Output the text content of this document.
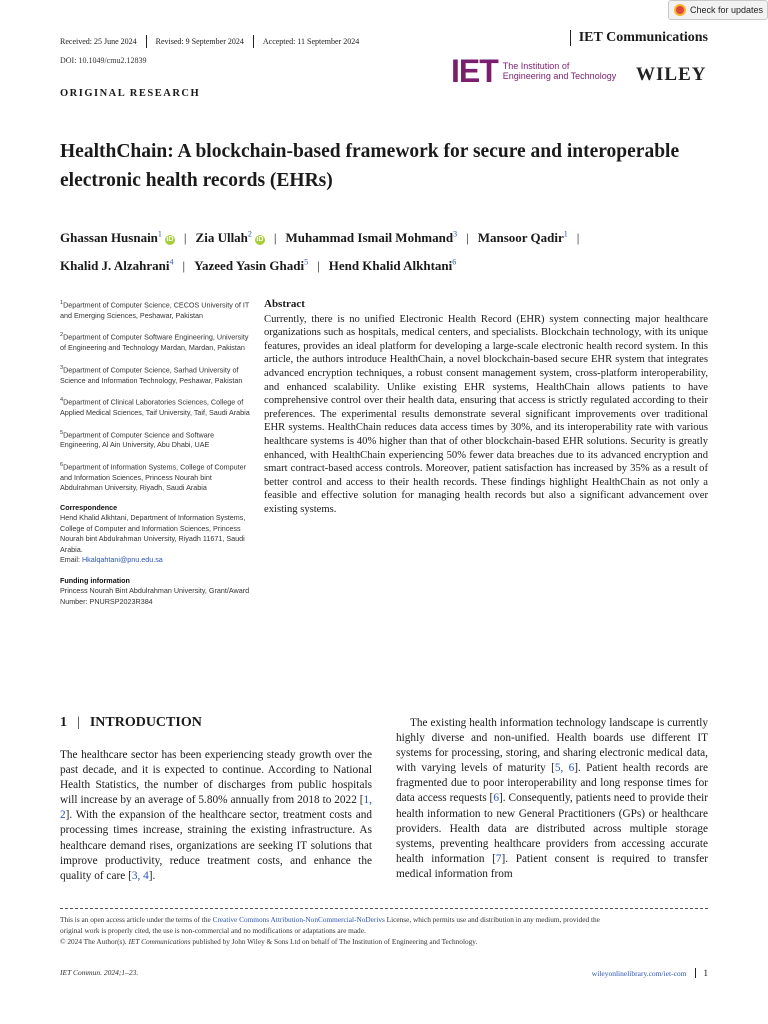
Check for updates
Received: 25 June 2024	Revised: 9 September 2024	Accepted: 11 September 2024	IET Communications
DOI: 10.1049/cmu2.12839	IET The Institution of
Engineering and Technology WILEY
ORIGINAL RESEARCH
HealthChain: A blockchain-based framework for secure and interoperable electronic health records (EHRs)
Ghassan Husnain$^1$iD | Zia Ullah$^2$iD | Muhammad Ismail Mohmand$^3$ | Mansoor Qadir$^1$ |
Khalid J. Alzahrani$^4$ | Yazeed Yasin Ghadi$^5$ | Hend Khalid Alkhtani$^6$
$^1$Department of Computer Science, CECOS University of IT and Emerging Sciences, Peshawar, Pakistan
$^2$Department of Computer Software Engineering, University of Engineering and Technology Mardan, Mardan, Pakistan
$^3$Department of Computer Science, Sarhad University of Science and Information Technology, Peshawar, Pakistan
$^4$Department of Clinical Laboratories Sciences, College of Applied Medical Sciences, Taif University, Taif, Saudi Arabia
$^5$Department of Computer Science and Software Engineering, Al Ain University, Abu Dhabi, UAE
$^6$Department of Information Systems, College of Computer and Information Sciences, Princess Nourah bint Abdulrahman University, Riyadh, Saudi Arabia
Correspondence
Hend Khalid Alkhtani, Department of Information Systems, College of Computer and Information Sciences, Princess Nourah bint Abdulrahman University, Riyadh 11671, Saudi Arabia.
Email: Hkalqahtani@pnu.edu.sa
Funding information
Princess Nourah Bint Abdulrahman University, Grant/Award Number: PNURSP2023R384
Abstract

Currently, there is no unified Electronic Health Record (EHR) system connecting major healthcare organizations such as hospitals, medical centers, and specialists. Blockchain technology, with its unique features, provides an ideal platform for developing a large-scale electronic health record system. In this article, the authors introduce HealthChain, a novel blockchain-based secure EHR system that integrates advanced encryption techniques, a robust consent management system, cross-platform interoperability, and enhanced scalability. Unlike existing EHR systems, HealthChain allows patients to have comprehensive control over their health data, ensuring that access is strictly regulated according to their preferences. The experimental results demonstrate several significant improvements over traditional EHR systems. HealthChain reduces data access times by 30%, and its interoperability rate with various healthcare systems is 40% higher than that of other blockchain-based EHR solutions. Security is greatly enhanced, with HealthChain experiencing 50% fewer data breaches due to its advanced encryption and smart contract-based access controls. Moreover, patient satisfaction has increased by 35% as a result of better control and access to their health records. These findings highlight HealthChain as not only a feasible and effective solution for managing health records but also a significant advancement over existing systems.

1 | INTRODUCTION

The healthcare sector has been experiencing steady growth over the past decade, and it is expected to continue. According to National Health Statistics, the number of discharges from public hospitals will increase by an average of 5.80% annually from 2018 to 2022 [1, 2]. With the expansion of the healthcare sector, treatment costs and processing times increase, straining the existing infrastructure. As healthcare demand rises, organizations are seeking IT solutions that improve productivity, reduce treatment costs, and enhance the quality of care [3, 4].

The existing health information technology landscape is currently highly diverse and non-unified. Health boards use different IT systems for processing, storing, and sharing electronic medical data, with varying levels of maturity [5, 6]. Patient health records are fragmented due to poor interoperability and long response times for data access requests [6]. Consequently, patients need to provide their health information to new General Practitioners (GPs) or healthcare providers. Health data are distributed across multiple storage systems, preventing healthcare providers from accessing accurate health information [7]. Patient consent is required to transfer medical information from

This is an open access article under the terms of the Creative Commons Attribution-NonCommercial-NoDerivs License, which permits use and distribution in any medium, provided the
original work is properly cited, the use is non-commercial and no modifications or adaptations are made.
© 2024 The Author(s). IET Communications published by John Wiley & Sons Ltd on behalf of The Institution of Engineering and Technology.
IET Commun. 2024;1–23.	wileyonlinelibrary.com/iet-com	1
